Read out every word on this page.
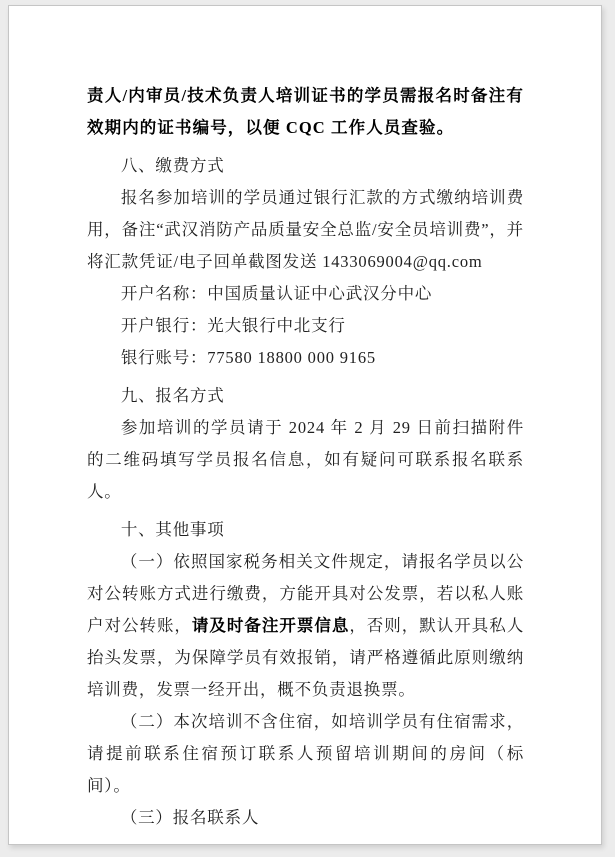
责人/内审员/技术负责人培训证书的学员需报名时备注有效期内的证书编号，以便 CQC 工作人员查验。

八、缴费方式

报名参加培训的学员通过银行汇款的方式缴纳培训费用，备注“武汉消防产品质量安全总监/安全员培训费”，并将汇款凭证/电子回单截图发送 1433069004@qq.com

开户名称：中国质量认证中心武汉分中心

开户银行：光大银行中北支行

银行账号：77580 18800 000 9165

九、报名方式

参加培训的学员请于 2024 年 2 月 29 日前扫描附件的二维码填写学员报名信息，如有疑问可联系报名联系人。

十、其他事项

（一）依照国家税务相关文件规定，请报名学员以公对公转账方式进行缴费，方能开具对公发票，若以私人账户对公转账，请及时备注开票信息，否则，默认开具私人抬头发票，为保障学员有效报销，请严格遵循此原则缴纳培训费，发票一经开出，概不负责退换票。

（二）本次培训不含住宿，如培训学员有住宿需求，请提前联系住宿预订联系人预留培训期间的房间（标间）。

（三）报名联系人
